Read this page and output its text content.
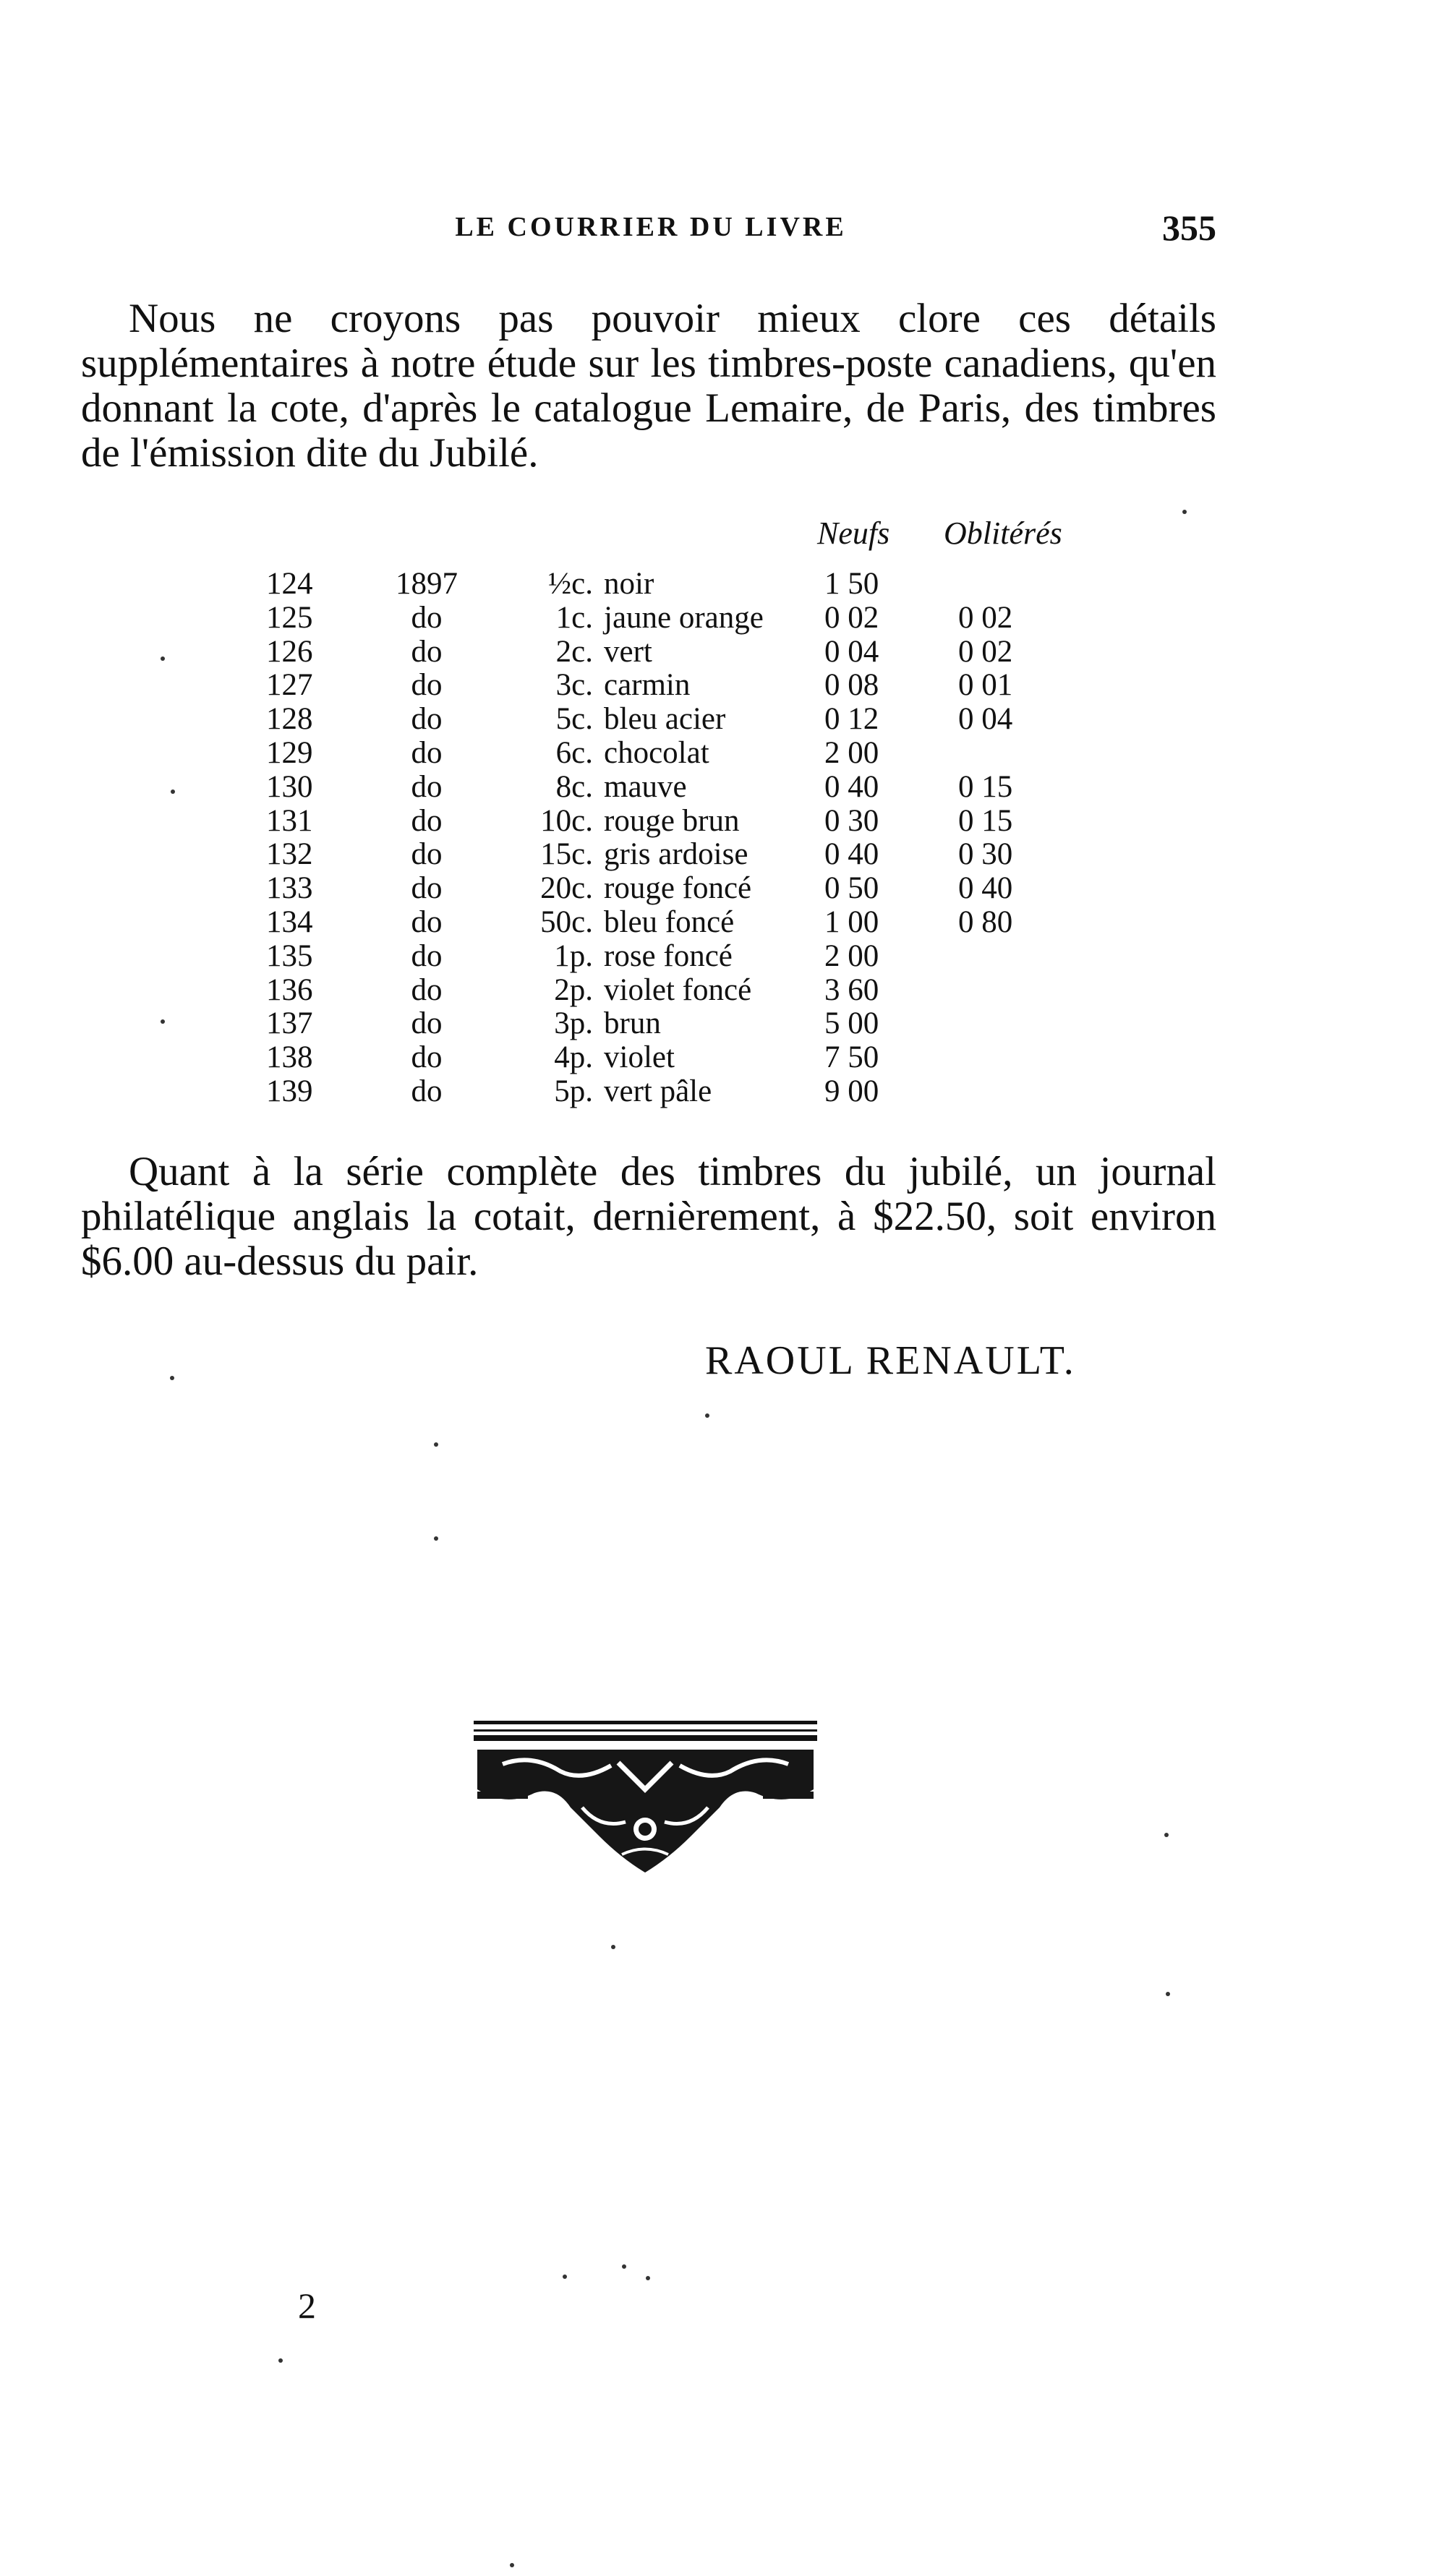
LE COURRIER DU LIVRE	355

Nous ne croyons pas pouvoir mieux clore ces détails supplémentaires à notre étude sur les timbres-poste canadiens, qu'en donnant la cote, d'après le catalogue Lemaire, de Paris, des timbres de l'émission dite du Jubilé.

Neufs Oblitérés
124	1897	½c. noir	1 50
125	do	1c. jaune orange 0 02	0 02
126	do	2c. vert	0 04	0 02
127	do	3c. carmin	0 08	0 01
128	do	5c. bleu acier	0 12	0 04
129	do	6c. chocolat	2 00
130	do	8c. mauve	0 40	0 15
131	do	10c. rouge brun	0 30	0 15
132	do	15c. gris ardoise 0 40	0 30
133	do	20c. rouge foncé 0 50	0 40
134	do	50c. bleu foncé	1 00	0 80
135	do	1p. rose foncé	2 00
136	do	2p. violet foncé 3 60
137	do	3p. brun	5 00
138	do	4p. violet	7 50
139	do	5p. vert pâle	9 00

Quant à la série complète des timbres du jubilé, un journal philatélique anglais la cotait, dernièrement, à $22.50, soit environ $6.00 au-dessus du pair.

RAOUL RENAULT.
2
